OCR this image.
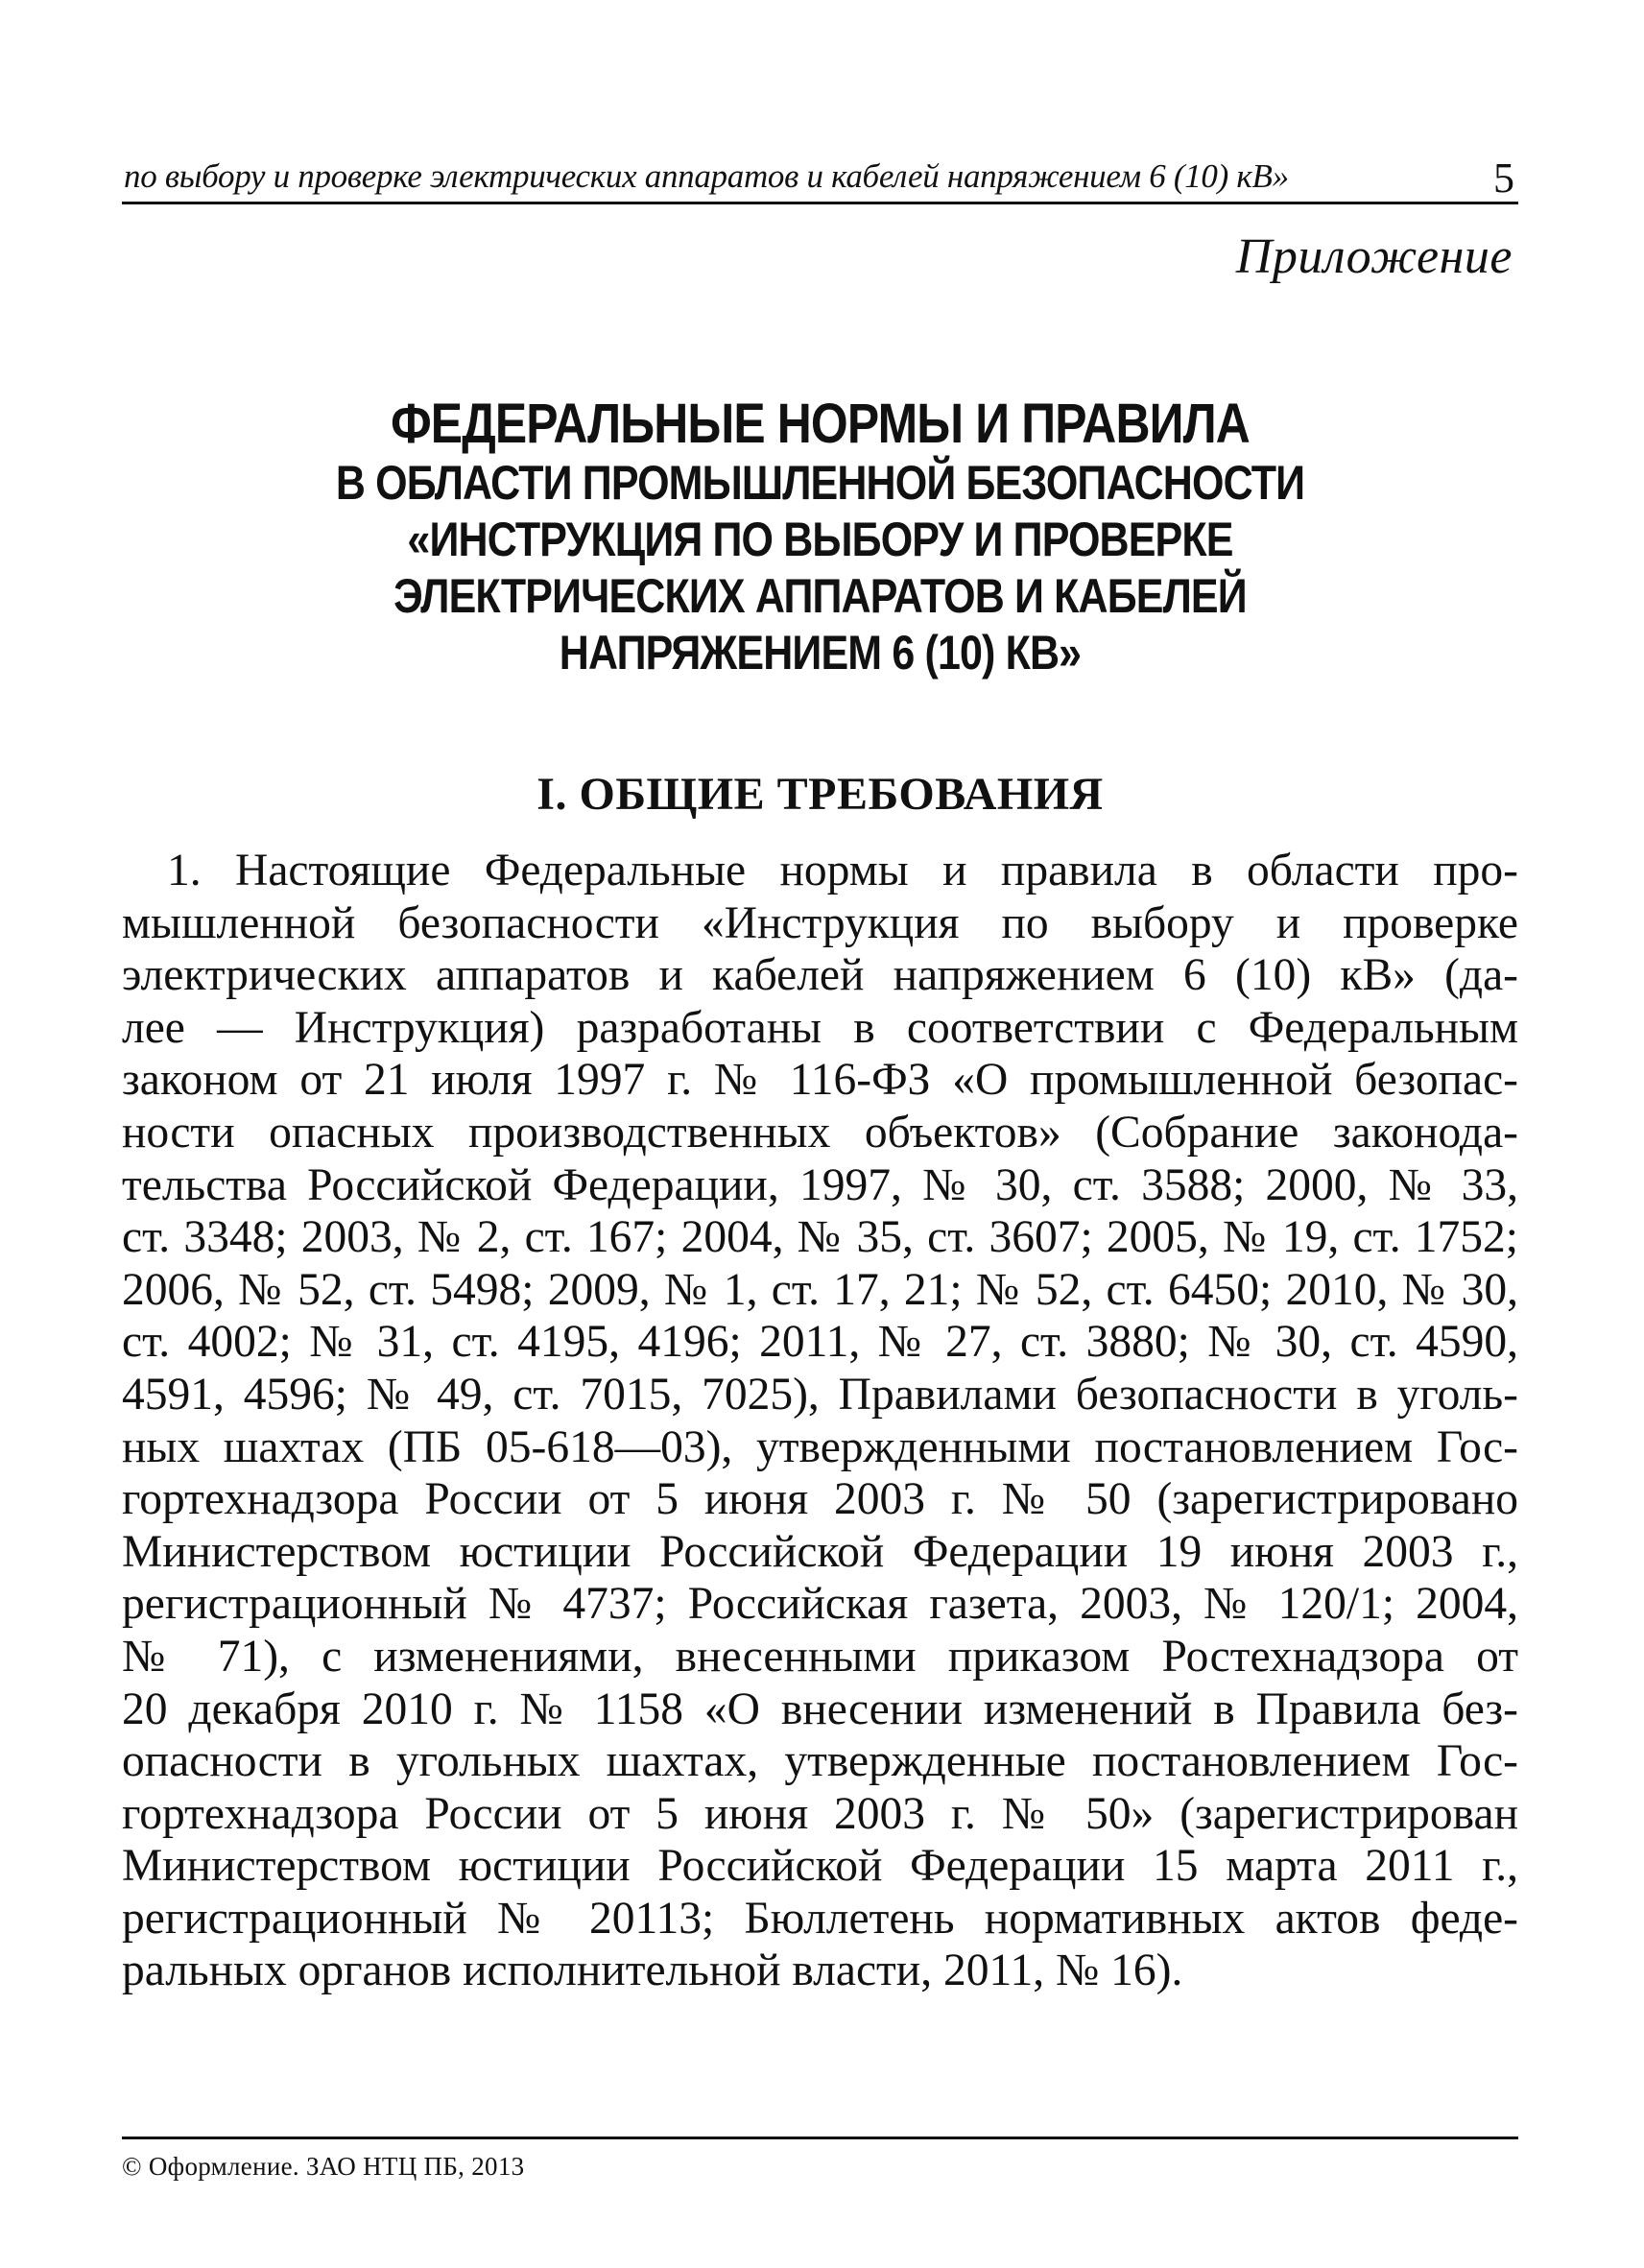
по выбору и проверке электрических аппаратов и кабелей напряжением 6 (10) кВ»	5
Приложение
ФЕДЕРАЛЬНЫЕ НОРМЫ И ПРАВИЛА
В ОБЛАСТИ ПРОМЫШЛЕННОЙ БЕЗОПАСНОСТИ
«ИНСТРУКЦИЯ ПО ВЫБОРУ И ПРОВЕРКЕ
ЭЛЕКТРИЧЕСКИХ АППАРАТОВ И КАБЕЛЕЙ
НАПРЯЖЕНИЕМ 6 (10) КВ»
I. ОБЩИЕ ТРЕБОВАНИЯ
1. Настоящие Федеральные нормы и правила в области про-
мышленной безопасности «Инструкция по выбору и проверке
электрических аппаратов и кабелей напряжением 6 (10) кВ» (да-
лее — Инструкция) разработаны в соответствии с Федеральным
законом от 21 июля 1997 г. № 116-ФЗ «О промышленной безопас-
ности опасных производственных объектов» (Собрание законода-
тельства Российской Федерации, 1997, № 30, ст. 3588; 2000, № 33,
ст. 3348; 2003, № 2, ст. 167; 2004, № 35, ст. 3607; 2005, № 19, ст. 1752;
2006, № 52, ст. 5498; 2009, № 1, ст. 17, 21; № 52, ст. 6450; 2010, № 30,
ст. 4002; № 31, ст. 4195, 4196; 2011, № 27, ст. 3880; № 30, ст. 4590,
4591, 4596; № 49, ст. 7015, 7025), Правилами безопасности в уголь-
ных шахтах (ПБ 05-618—03), утвержденными постановлением Гос-
гортехнадзора России от 5 июня 2003 г. № 50 (зарегистрировано
Министерством юстиции Российской Федерации 19 июня 2003 г.,
регистрационный № 4737; Российская газета, 2003, № 120/1; 2004,
№ 71), с изменениями, внесенными приказом Ростехнадзора от
20 декабря 2010 г. № 1158 «О внесении изменений в Правила без-
опасности в угольных шахтах, утвержденные постановлением Гос-
гортехнадзора России от 5 июня 2003 г. № 50» (зарегистрирован
Министерством юстиции Российской Федерации 15 марта 2011 г.,
регистрационный № 20113; Бюллетень нормативных актов феде-
ральных органов исполнительной власти, 2011, № 16).
© Оформление. ЗАО НТЦ ПБ, 2013
